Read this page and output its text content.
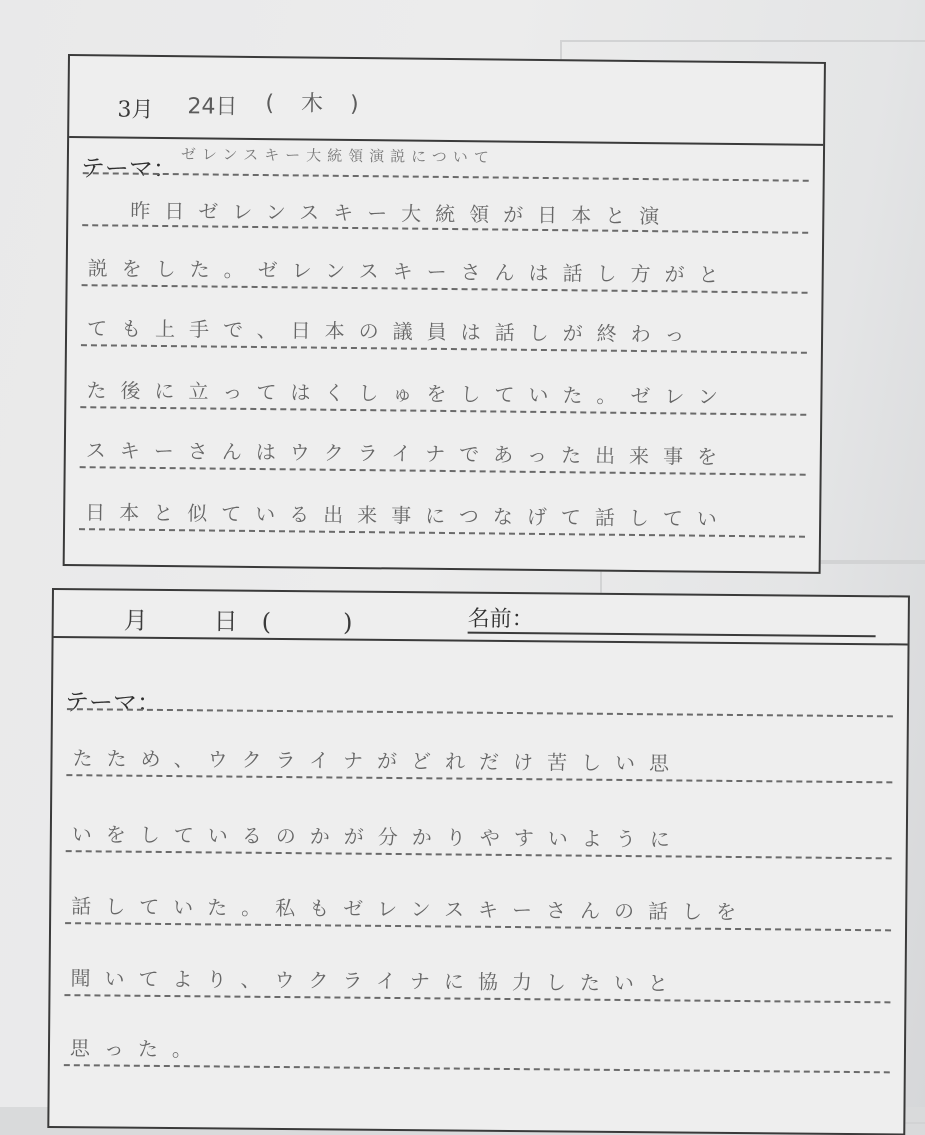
3月 24日 ( 木 )
テーマ： ゼレンスキー大統領演説について
昨日ゼレンスキー大統領が日本と演
説をした。ゼレンスキーさんは話し方がと
ても上手で、日本の議員は話しが終わっ
た後に立ってはくしゅをしていた。ゼレン
スキーさんはウクライナであった出来事を
日本と似ている出来事につなげて話してい
月	日 (　　)	名前：
テーマ：
たため、ウクライナがどれだけ苦しい思
いをしているのかが分かりやすいように
話していた。私もゼレンスキーさんの話しを
聞いてより、ウクライナに協力したいと
思った。
